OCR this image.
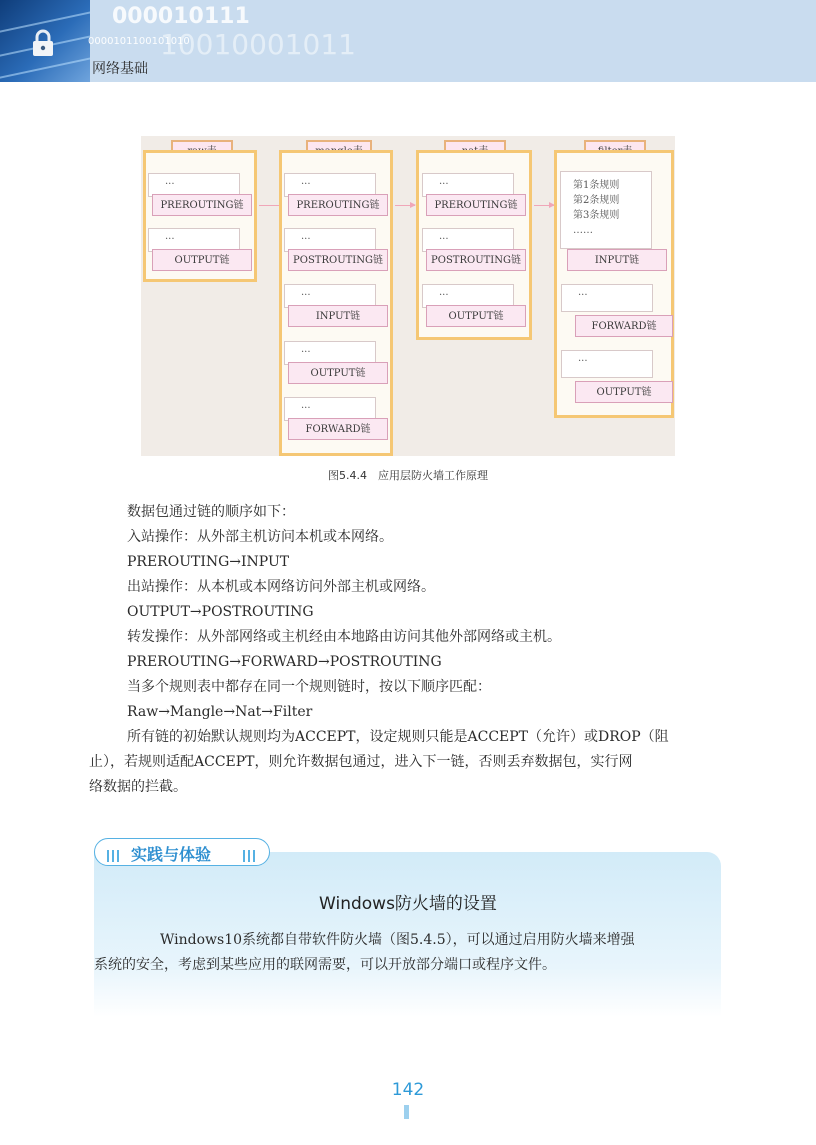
000010111
0000101100101010
10010001011
网络基础
...
PREROUTING链
...
OUTPUT链
...
PREROUTING链
...
POSTROUTING链
...
INPUT链
...
OUTPUT链
...
FORWARD链
...
PREROUTING链
...
POSTROUTING链
...
OUTPUT链
第1条规则
第2条规则
第3条规则
……
INPUT链
...
FORWARD链
...
OUTPUT链
图5.4.4　应用层防火墙工作原理
数据包通过链的顺序如下：
入站操作：从外部主机访问本机或本网络。
PREROUTING→INPUT
出站操作：从本机或本网络访问外部主机或网络。
OUTPUT→POSTROUTING
转发操作：从外部网络或主机经由本地路由访问其他外部网络或主机。
PREROUTING→FORWARD→POSTROUTING
当多个规则表中都存在同一个规则链时，按以下顺序匹配：
Raw→Mangle→Nat→Filter
所有链的初始默认规则均为ACCEPT，设定规则只能是ACCEPT（允许）或DROP（阻
止），若规则适配ACCEPT，则允许数据包通过，进入下一链，否则丢弃数据包，实行网
络数据的拦截。
实践与体验
Windows防火墙的设置
Windows10系统都自带软件防火墙（图5.4.5），可以通过启用防火墙来增强
系统的安全，考虑到某些应用的联网需要，可以开放部分端口或程序文件。
142
